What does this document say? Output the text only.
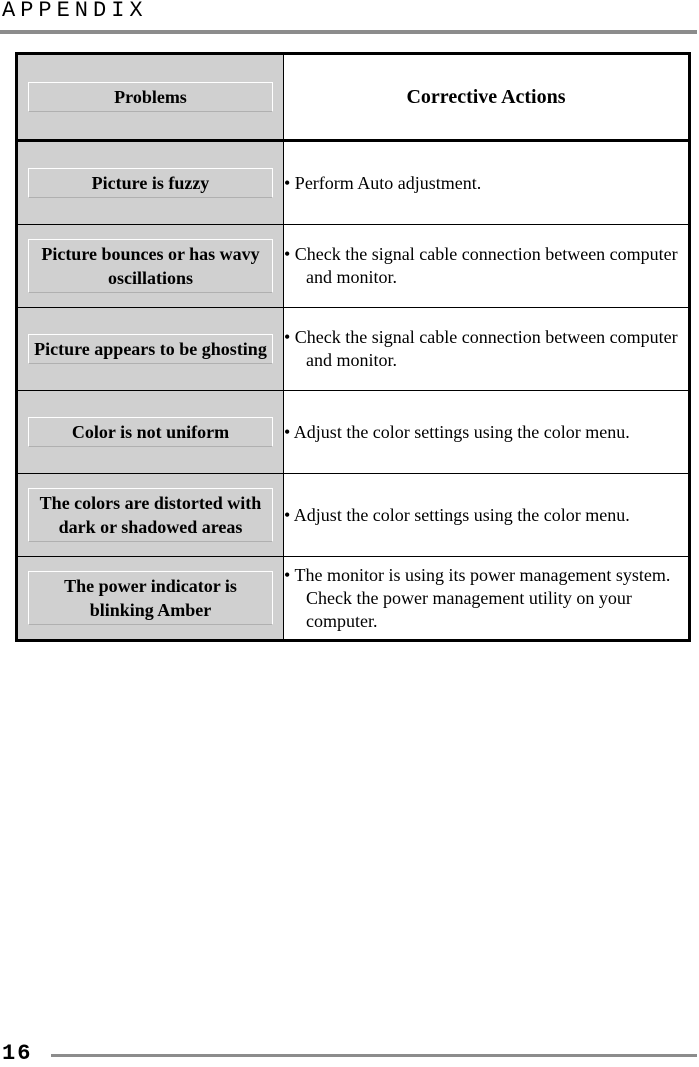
APPENDIX
Problems	Corrective Actions

Picture is fuzzy	• Perform Auto adjustment.

Picture bounces or has wavy oscillations	• Check the signal cable connection between computer and monitor.

Picture appears to be ghosting	• Check the signal cable connection between computer and monitor.

Color is not uniform	• Adjust the color settings using the color menu.

The colors are distorted with dark or shadowed areas	• Adjust the color settings using the color menu.

The power indicator is blinking Amber	• The monitor is using its power management system. Check the power management utility on your computer.
16
